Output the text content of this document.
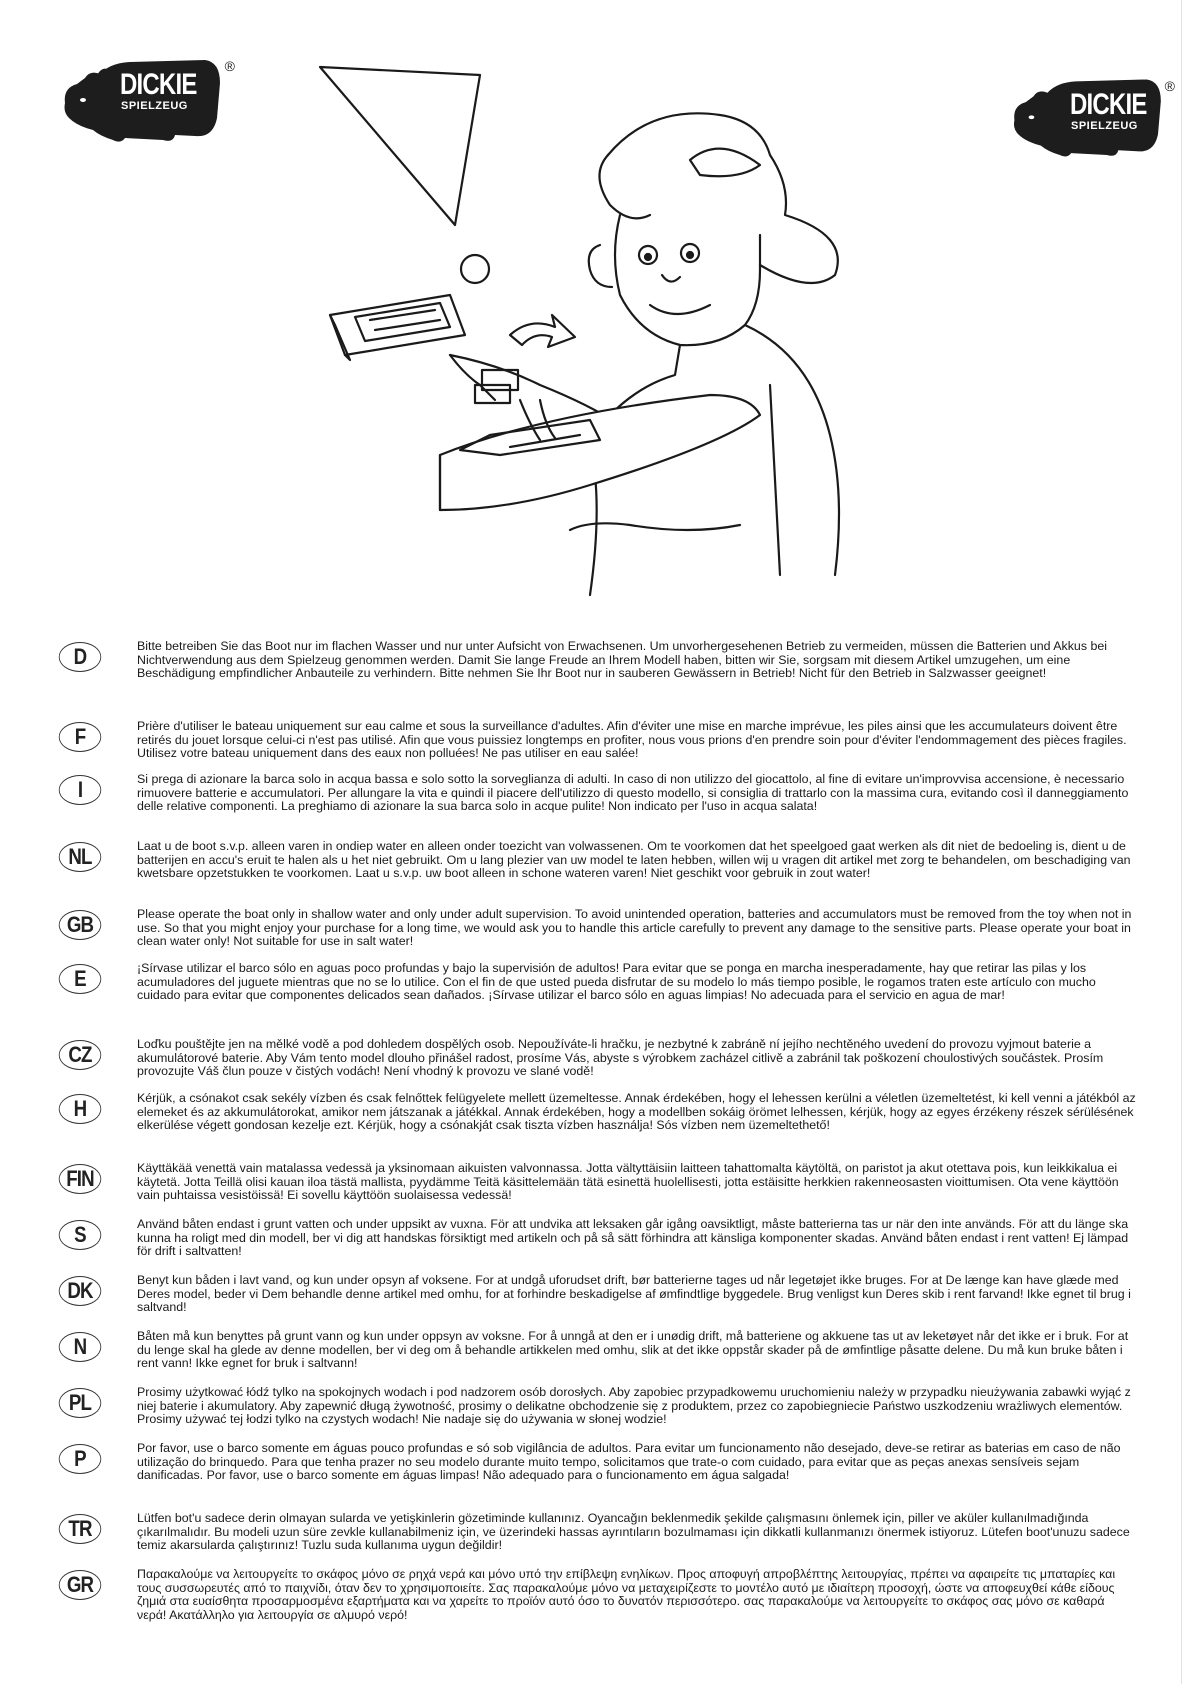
DICKIE
SPIELZEUG
®
DICKIE
SPIELZEUG
®
D	Bitte betreiben Sie das Boot nur im flachen Wasser und nur unter Aufsicht von Erwachsenen. Um unvorhergesehenen Betrieb zu vermeiden, müssen die Batterien und Akkus bei Nichtverwendung aus dem Spielzeug genommen werden. Damit Sie lange Freude an Ihrem Modell haben, bitten wir Sie, sorgsam mit diesem Artikel umzugehen, um eine Beschädigung empfindlicher Anbauteile zu verhindern. Bitte nehmen Sie Ihr Boot nur in sauberen Gewässern in Betrieb! Nicht für den Betrieb in Salzwasser geeignet!
F	Prière d'utiliser le bateau uniquement sur eau calme et sous la surveillance d'adultes. Afin d'éviter une mise en marche imprévue, les piles ainsi que les accumulateurs doivent être retirés du jouet lorsque celui-ci n'est pas utilisé. Afin que vous puissiez longtemps en profiter, nous vous prions d'en prendre soin pour d'éviter l'endommagement des pièces fragiles. Utilisez votre bateau uniquement dans des eaux non polluées! Ne pas utiliser en eau salée!
I	Si prega di azionare la barca solo in acqua bassa e solo sotto la sorveglianza di adulti. In caso di non utilizzo del giocattolo, al fine di evitare un'improvvisa accensione, è necessario rimuovere batterie e accumulatori. Per allungare la vita e quindi il piacere dell'utilizzo di questo modello, si consiglia di trattarlo con la massima cura, evitando così il danneggiamento delle relative componenti. La preghiamo di azionare la sua barca solo in acque pulite! Non indicato per l'uso in acqua salata!
NL	Laat u de boot s.v.p. alleen varen in ondiep water en alleen onder toezicht van volwassenen. Om te voorkomen dat het speelgoed gaat werken als dit niet de bedoeling is, dient u de batterijen en accu's eruit te halen als u het niet gebruikt. Om u lang plezier van uw model te laten hebben, willen wij u vragen dit artikel met zorg te behandelen, om beschadiging van kwetsbare opzetstukken te voorkomen. Laat u s.v.p. uw boot alleen in schone wateren varen! Niet geschikt voor gebruik in zout water!
GB	Please operate the boat only in shallow water and only under adult supervision. To avoid unintended operation, batteries and accumulators must be removed from the toy when not in use. So that you might enjoy your purchase for a long time, we would ask you to handle this article carefully to prevent any damage to the sensitive parts. Please operate your boat in clean water only! Not suitable for use in salt water!
E	¡Sírvase utilizar el barco sólo en aguas poco profundas y bajo la supervisión de adultos! Para evitar que se ponga en marcha inesperadamente, hay que retirar las pilas y los acumuladores del juguete mientras que no se lo utilice. Con el fin de que usted pueda disfrutar de su modelo lo más tiempo posible, le rogamos traten este artículo con mucho cuidado para evitar que componentes delicados sean dañados. ¡Sírvase utilizar el barco sólo en aguas limpias! No adecuada para el servicio en agua de mar!
CZ	Loďku pouštějte jen na mělké vodě a pod dohledem dospělých osob. Nepoužíváte-li hračku, je nezbytné k zabráně ní jejího nechtěného uvedení do provozu vyjmout baterie a akumulátorové baterie. Aby Vám tento model dlouho přinášel radost, prosíme Vás, abyste s výrobkem zacházel citlivě a zabránil tak poškození choulostivých součástek. Prosím provozujte Váš člun pouze v čistých vodách! Není vhodný k provozu ve slané vodě!
H	Kérjük, a csónakot csak sekély vízben és csak felnőttek felügyelete mellett üzemeltesse. Annak érdekében, hogy el lehessen kerülni a véletlen üzemeltetést, ki kell venni a játékból az elemeket és az akkumulátorokat, amikor nem játszanak a játékkal. Annak érdekében, hogy a modellben sokáig örömet lelhessen, kérjük, hogy az egyes érzékeny részek sérülésének elkerülése végett gondosan kezelje ezt. Kérjük, hogy a csónakját csak tiszta vízben használja! Sós vízben nem üzemeltethető!
FIN	Käyttäkää venettä vain matalassa vedessä ja yksinomaan aikuisten valvonnassa. Jotta vältyttäisiin laitteen tahattomalta käytöltä, on paristot ja akut otettava pois, kun leikkikalua ei käytetä. Jotta Teillä olisi kauan iloa tästä mallista, pyydämme Teitä käsittelemään tätä esinettä huolellisesti, jotta estäisitte herkkien rakenneosasten vioittumisen. Ota vene käyttöön vain puhtaissa vesistöissä! Ei sovellu käyttöön suolaisessa vedessä!
S	Använd båten endast i grunt vatten och under uppsikt av vuxna. För att undvika att leksaken går igång oavsiktligt, måste batterierna tas ur när den inte används. För att du länge ska kunna ha roligt med din modell, ber vi dig att handskas försiktigt med artikeln och på så sätt förhindra att känsliga komponenter skadas. Använd båten endast i rent vatten! Ej lämpad för drift i saltvatten!
DK	Benyt kun båden i lavt vand, og kun under opsyn af voksene. For at undgå uforudset drift, bør batterierne tages ud når legetøjet ikke bruges. For at De længe kan have glæde med Deres model, beder vi Dem behandle denne artikel med omhu, for at forhindre beskadigelse af ømfindtlige byggedele. Brug venligst kun Deres skib i rent farvand! Ikke egnet til brug i saltvand!
N	Båten må kun benyttes på grunt vann og kun under oppsyn av voksne. For å unngå at den er i unødig drift, må batteriene og akkuene tas ut av leketøyet når det ikke er i bruk. For at du lenge skal ha glede av denne modellen, ber vi deg om å behandle artikkelen med omhu, slik at det ikke oppstår skader på de ømfintlige påsatte delene. Du må kun bruke båten i rent vann! Ikke egnet for bruk i saltvann!
PL	Prosimy użytkować łódź tylko na spokojnych wodach i pod nadzorem osób dorosłych. Aby zapobiec przypadkowemu uruchomieniu należy w przypadku nieużywania zabawki wyjąć z niej baterie i akumulatory. Aby zapewnić długą żywotność, prosimy o delikatne obchodzenie się z produktem, przez co zapobiegniecie Państwo uszkodzeniu wrażliwych elementów. Prosimy używać tej łodzi tylko na czystych wodach! Nie nadaje się do używania w słonej wodzie!
P	Por favor, use o barco somente em águas pouco profundas e só sob vigilância de adultos. Para evitar um funcionamento não desejado, deve-se retirar as baterias em caso de não utilização do brinquedo. Para que tenha prazer no seu modelo durante muito tempo, solicitamos que trate-o com cuidado, para evitar que as peças anexas sensíveis sejam danificadas. Por favor, use o barco somente em águas limpas! Não adequado para o funcionamento em água salgada!
TR	Lütfen bot'u sadece derin olmayan sularda ve yetişkinlerin gözetiminde kullanınız. Oyancağın beklenmedik şekilde çalışmasını önlemek için, piller ve aküler kullanılmadığında çıkarılmalıdır. Bu modeli uzun süre zevkle kullanabilmeniz için, ve üzerindeki hassas ayrıntıların bozulmaması için dikkatli kullanmanızı önermek istiyoruz. Lütefen boot'unuzu sadece temiz akarsularda çalıştırınız! Tuzlu suda kullanıma uygun değildir!
GR	Παρακαλούμε να λειτουργείτε το σκάφος μόνο σε ρηχά νερά και μόνο υπό την επίβλεψη ενηλίκων. Προς αποφυγή απροβλέπτης λειτουργίας, πρέπει να αφαιρείτε τις μπαταρίες και τους συσσωρευτές από το παιχνίδι, όταν δεν το χρησιμοποιείτε. Σας παρακαλούμε μόνο να μεταχειρίζεστε το μοντέλο αυτό με ιδιαίτερη προσοχή, ώστε να αποφευχθεί κάθε είδους ζημιά στα ευαίσθητα προσαρμοσμένα εξαρτήματα και να χαρείτε το προϊόν αυτό όσο το δυνατόν περισσότερο. σας παρακαλούμε να λειτουργείτε το σκάφος σας μόνο σε καθαρά νερά! Ακατάλληλο για λειτουργία σε αλμυρό νερό!
